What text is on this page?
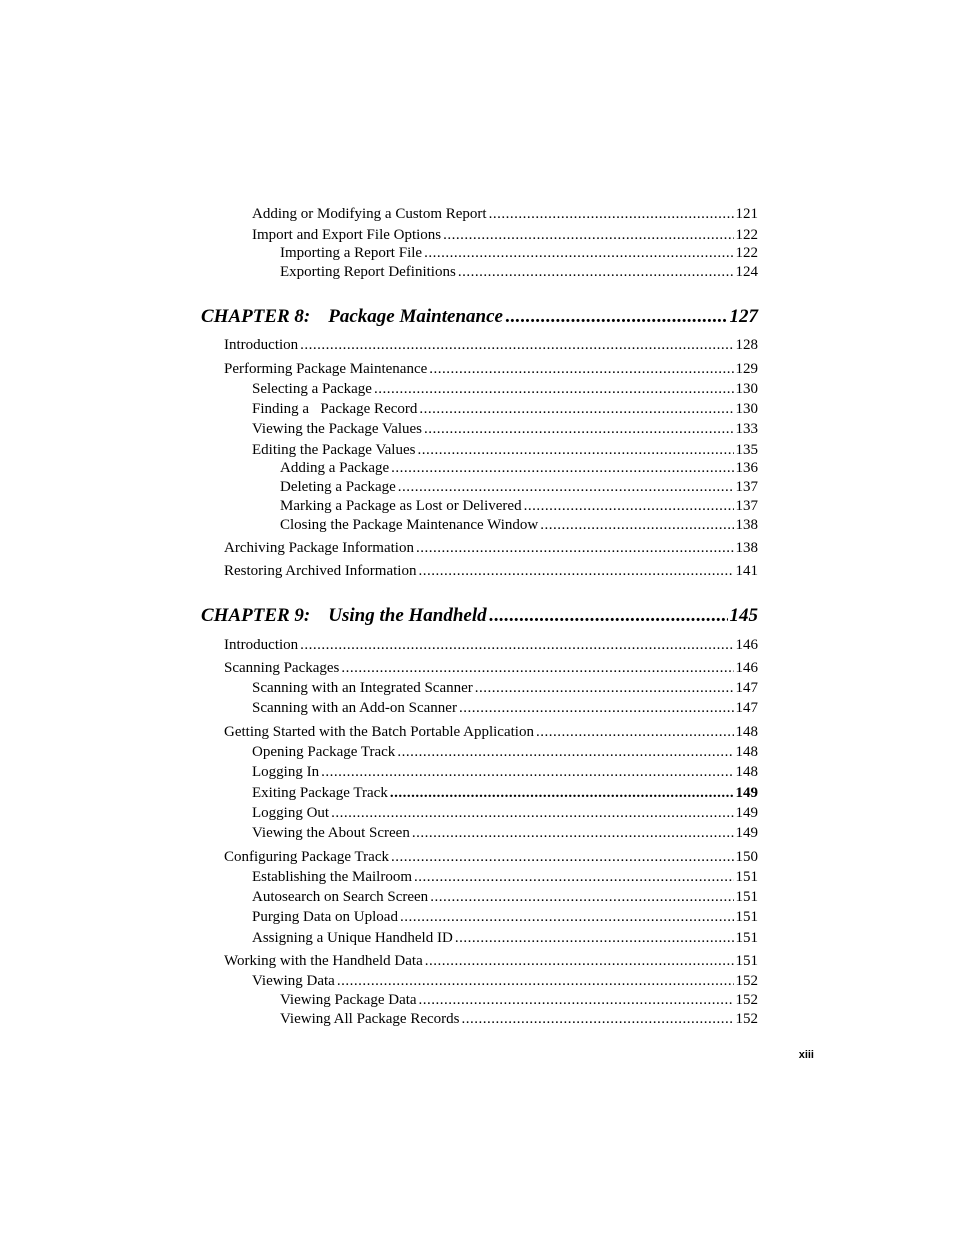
Adding or Modifying a Custom Report .....	121
Import and Export File Options .....	122
Importing a Report File .....	122
Exporting Report Definitions .....	124
CHAPTER 8: Package Maintenance .....	127
Introduction .....	128
Performing Package Maintenance .....	129
Selecting a Package .....	130
Finding a   Package Record .....	130
Viewing the Package Values .....	133
Editing the Package Values .....	135
Adding a Package .....	136
Deleting a Package .....	137
Marking a Package as Lost or Delivered .....	137
Closing the Package Maintenance Window .....	138
Archiving Package Information .....	138
Restoring Archived Information .....	141
CHAPTER 9: Using the Handheld .....	145
Introduction .....	146
Scanning Packages .....	146
Scanning with an Integrated Scanner .....	147
Scanning with an Add-on Scanner .....	147
Getting Started with the Batch Portable Application .....	148
Opening Package Track .....	148
Logging In .....	148
Exiting Package Track .....	149
Logging Out .....	149
Viewing the About Screen .....	149
Configuring Package Track .....	150
Establishing the Mailroom .....	151
Autosearch on Search Screen .....	151
Purging Data on Upload .....	151
Assigning a Unique Handheld ID .....	151
Working with the Handheld Data .....	151
Viewing Data .....	152
Viewing Package Data .....	152
Viewing All Package Records .....	152
xiii
